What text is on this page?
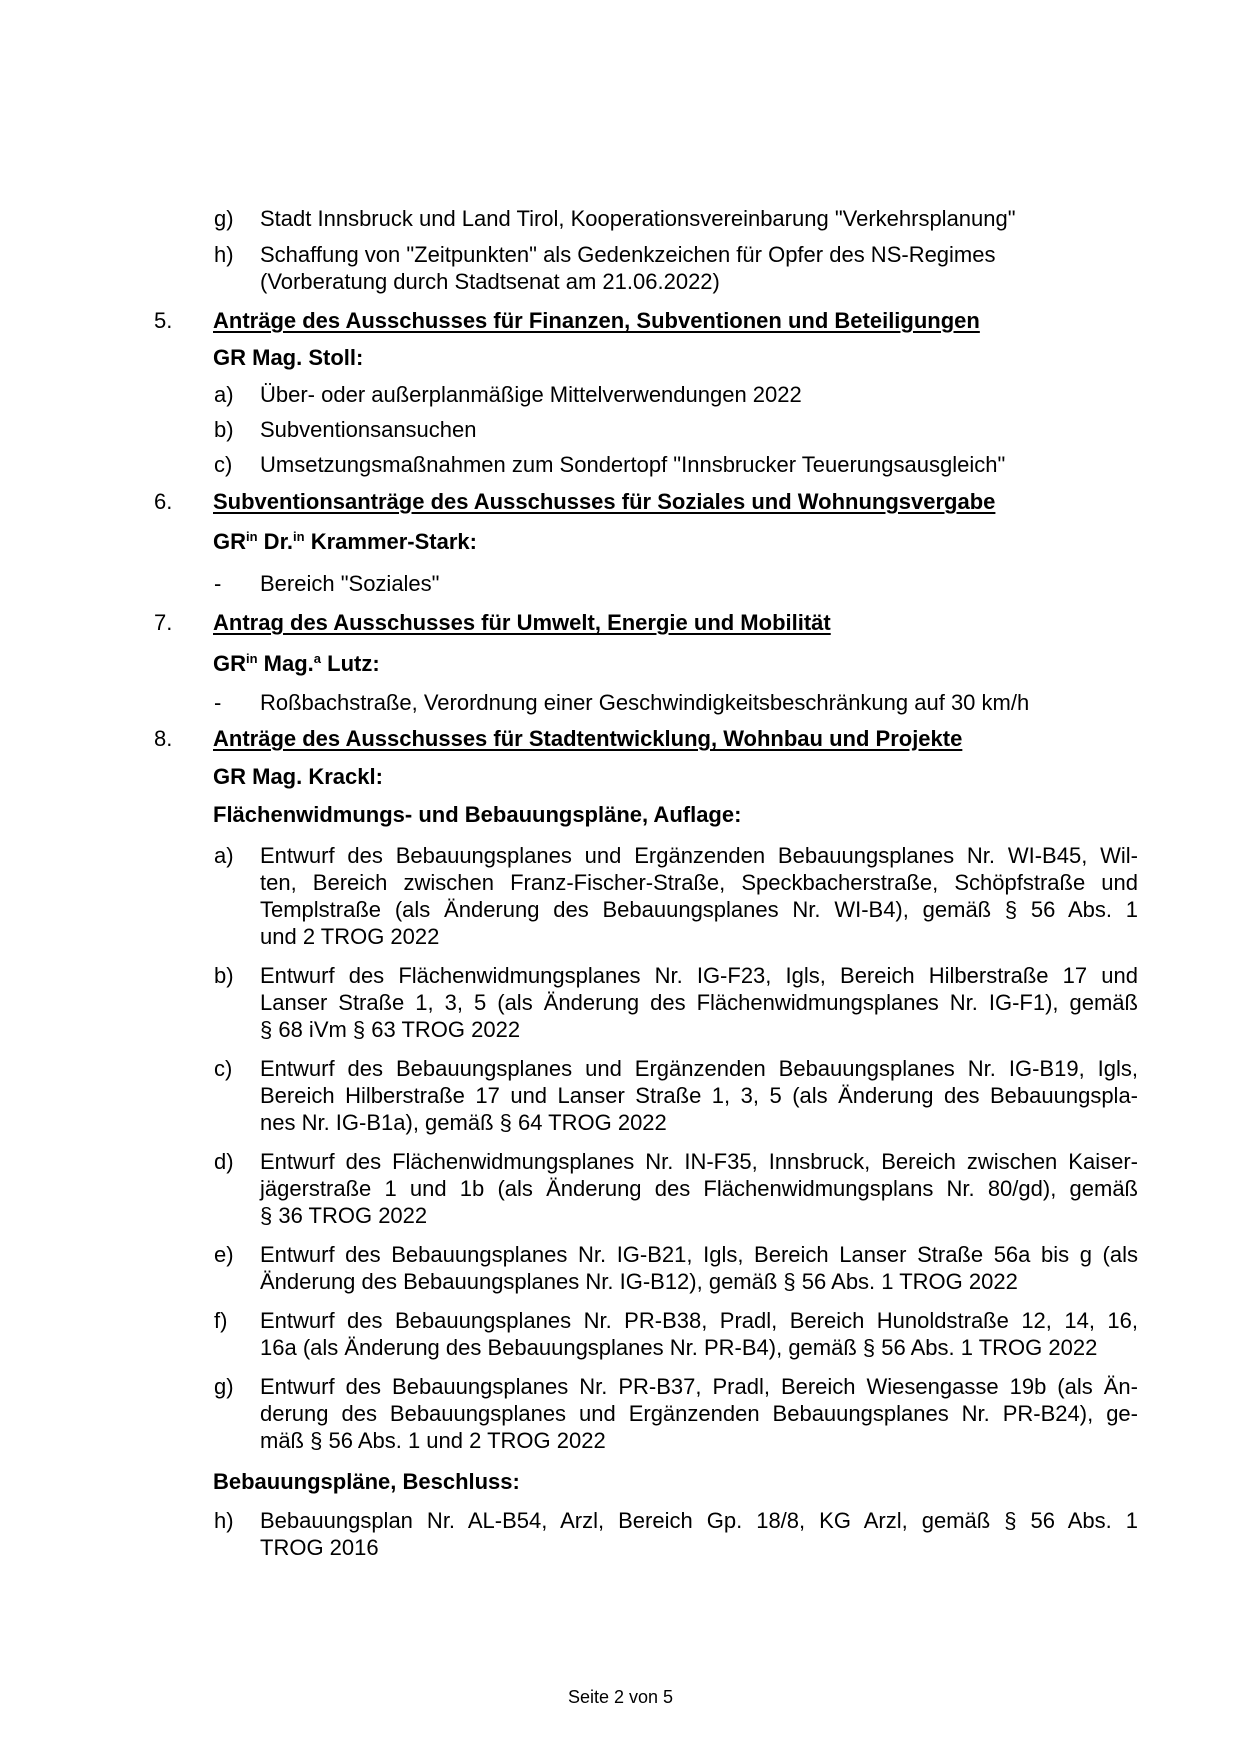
g) Stadt Innsbruck und Land Tirol, Kooperationsvereinbarung "Verkehrsplanung"
h) Schaffung von "Zeitpunkten" als Gedenkzeichen für Opfer des NS-Regimes
(Vorberatung durch Stadtsenat am 21.06.2022)
5. Anträge des Ausschusses für Finanzen, Subventionen und Beteiligungen
GR Mag. Stoll:
a) Über- oder außerplanmäßige Mittelverwendungen 2022
b) Subventionsansuchen
c) Umsetzungsmaßnahmen zum Sondertopf "Innsbrucker Teuerungsausgleich"
6. Subventionsanträge des Ausschusses für Soziales und Wohnungsvergabe
$GR^{in}$ Dr.$^{in}$ Krammer-Stark:
- Bereich "Soziales"
7. Antrag des Ausschusses für Umwelt, Energie und Mobilität
$GR^{in}$ Mag.$^a$ Lutz:
- Roßbachstraße, Verordnung einer Geschwindigkeitsbeschränkung auf 30 km/h
8. Anträge des Ausschusses für Stadtentwicklung, Wohnbau und Projekte
GR Mag. Krackl:
Flächenwidmungs- und Bebauungspläne, Auflage:
a) Entwurf des Bebauungsplanes und Ergänzenden Bebauungsplanes Nr. WI-B45, Wil-
ten, Bereich zwischen Franz-Fischer-Straße, Speckbacherstraße, Schöpfstraße und
Templstraße (als Änderung des Bebauungsplanes Nr. WI-B4), gemäß § 56 Abs. 1
und 2 TROG 2022
b) Entwurf des Flächenwidmungsplanes Nr. IG-F23, Igls, Bereich Hilberstraße 17 und
Lanser Straße 1, 3, 5 (als Änderung des Flächenwidmungsplanes Nr. IG-F1), gemäß
§ 68 iVm § 63 TROG 2022
c) Entwurf des Bebauungsplanes und Ergänzenden Bebauungsplanes Nr. IG-B19, Igls,
Bereich Hilberstraße 17 und Lanser Straße 1, 3, 5 (als Änderung des Bebauungspla-
nes Nr. IG-B1a), gemäß § 64 TROG 2022
d) Entwurf des Flächenwidmungsplanes Nr. IN-F35, Innsbruck, Bereich zwischen Kaiser-
jägerstraße 1 und 1b (als Änderung des Flächenwidmungsplans Nr. 80/gd), gemäß
§ 36 TROG 2022
e) Entwurf des Bebauungsplanes Nr. IG-B21, Igls, Bereich Lanser Straße 56a bis g (als
Änderung des Bebauungsplanes Nr. IG-B12), gemäß § 56 Abs. 1 TROG 2022
f) Entwurf des Bebauungsplanes Nr. PR-B38, Pradl, Bereich Hunoldstraße 12, 14, 16,
16a (als Änderung des Bebauungsplanes Nr. PR-B4), gemäß § 56 Abs. 1 TROG 2022
g) Entwurf des Bebauungsplanes Nr. PR-B37, Pradl, Bereich Wiesengasse 19b (als Än-
derung des Bebauungsplanes und Ergänzenden Bebauungsplanes Nr. PR-B24), ge-
mäß § 56 Abs. 1 und 2 TROG 2022
Bebauungspläne, Beschluss:
h) Bebauungsplan Nr. AL-B54, Arzl, Bereich Gp. 18/8, KG Arzl, gemäß § 56 Abs. 1
TROG 2016
Seite 2 von 5
